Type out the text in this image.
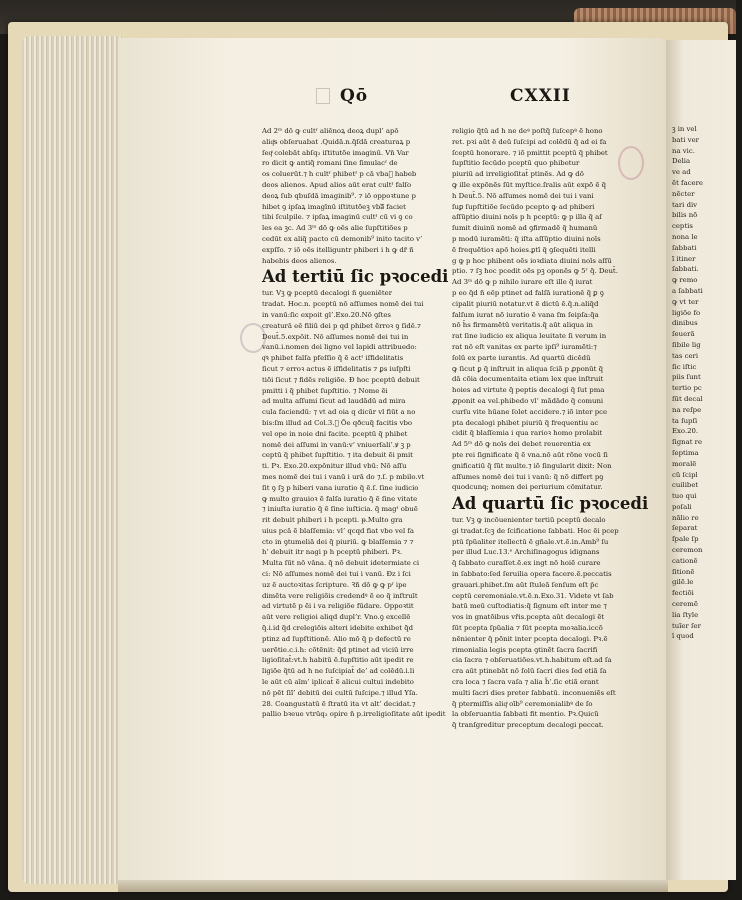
ꝫ in vel
bati ver
na vic.
Delia
ve ad
ẽt facere
nẽcter
tari div
bilis nõ
ceptis
nona le
ſabbati
ĩ itiner
ſabbati.
ꝙ remo
a ſabbati
ꝙ vt ter
ligiõe fo
dinibus
ſeuerã
ſibile lig
tas ceri
ſic iſtic
piis ſunt
tertio pc
ſūt decal
na reſpe
ta ſupſi
Exo.20.
ſignat re
ſeptima
moralẽ
cũ ſcipl
cuilibet
tuo qui
poſali
nãlio re
ſeparat
ſpale ſp
ceremon
cationẽ
ſitionẽ
gilẽ.le
fectiõi
ceremẽ
lia ſtyle
tuĩer ſer
ī quod
Qō	CXXII
Ad 2ᵐ dō ꝙ cultˀ aliēnoꝝ deoꝝ dupl’ apō
aliqͦs obſeruabat .Quidā.n.q̃ſdā creaturaꝝ p
ſeqͦ colebāt abſq₃ iſtitutõe imaginū. Vn̄ Var
ro dicit ꝙ antiq̃ romani ſine ſimulacˀ de
os coluerūt.⁊ h cultˀ phibetˀ p cā vbaᷓ habeb
deos alienos. Apud alios aūt erat cultˀ falſo
deoꝝ ſub qbuſdā imaginib⁹. ⁊ iō oppoꝛtune p
hibet ꝯ ipſaꝝ imagīnū iſtitutõeꝫ vbaᷓ faciet
tibi ſculpile. ⁊ ipſaꝝ imaginū cultˀ cū vi ꝯ co
les ea ꝫc. Ad 3ᵐ dō ꝙ oēs alie ſupſtitiões p
cedūt ex aliq̃ pacto cū demonib⁹ inito tacito v’
expſſo. ⁊ iō oēs itelliguntr phiberi i h ꝙ dr̄ ñ
habebis deos alienos.
Ad tertiū ſic pꝛocedi
tur. Vꝫ ꝙ pceptū decalogi ñ ꝯueniēter
tradat. Hoc.n. pceptū nō aſſumes nomē dei tui
in vanū:ſic expoit gl’.Exo.20.Nō ꝯſtes
creaturā eē filiū dei p qd phibet ẽrroꝛ ꝯ ſidē.⁊
Deut̄.5.expōit. Nō aſſumes nomē dei tui in
vanū.i.nomen dei ligno vel lapidi attribuedo:
qͦꝛ phibet falſa pfeſſio q̃ ẽ actˀ iſfidelitatis
ſicut ⁊ erroꝛ actus ẽ iſfidelitatis ⁊ ꝑs iuſpſti
tiõi ſicut ⁊ fidẽs religiõe. Ɖ hoc pceptū debuit
pmitti i q̃ phibet ſupſtitio. ⁊ Nome ẽi
ad multa aſſumi ſicut ad laudãdū ad mira
cula faciendū: ⁊ vt ad oia q dicūr vl fiūt a no
bis:ſm illud ad Col.3.ᷓ Ōe qðcuq̃ facitis vbo
vel ope in noie dni facite. pceptū q̃ phibet
nomē dei aſſumi in vanū:v’ vniuerſali’.ꝟ ꝫ p
ceptū q̃ phibet ſupſtitio. ⁊ ita debuit ẽi pmit
ti. Pꝛ. Exo.20.expōnitur illud vbū: Nō aſſu
mes nomē dei tui i vanū i urā do ⁊.ſ. p mbilo.vt
ſit ꝯ ſꝫ p hiberi vana iuratio q̃ ẽ.ſ. ſine iudicio
ꝙ multo grauioꝛ ẽ falſa iuratio q̃ ẽ ſine vitate
⁊ iniuſta iuratio q̃ ẽ ſine iuſticia. q̃ magˀ obuē
rit debuit phiberi i h pcepti. ᵽ.Multo gra
uius pcā ẽ blaſſemia: vl’ qcqd fiat vbo vel fa
cto in ꝯtumeliā dei q̃ piuriū. ꝙ blaſſemia ⁊ ⁊
h’ debuit itr nagi p h pceptū phiberi. Pꝛ.
Multa ſūt nō vāna. q̃ nō debuit idetermiate ci
ci: Nō aſſumes nomē dei tui i vanū. Ɖz i ſci
uz ẽ auctoꝛitas ſcripture. Ꝛñ dō ꝙ ꝙ pˀ ipe
dimẽta vere religiõis credendꝰ ẽ eo q̃ inſtruīt
ad virtutẽ p ẽi i va religiõe fūdare. Oppoꝛtit
aūt vere religioi aliqd dupl’r. Vno.ꝯ excellē
q̃.i.id q̃d crelegiõis alteri idebite exhibet q̃d
ptinz ad ſupſtitionē. Alio mō q̃ p defectū re
uerẽtie.c.i.h: cõtẽnit: q̃d ptinet ad viciū irre
ligioſitat̄:vt.h habitū ẽ.ſupſtitio aūt ipedit re
ligiõe q̃tū ad h ne ſuſcipiat̄ de’ ad colēdū.i.li
le aūt cū aīm’ iplicat̄ ẽ alicui cultui indebito
nō pẽt ſiĩ’ debitū dei cultū ſuſcipe.⁊ illud Yſa.
28. Coangustatū ẽ ſtratū ita vt alt’ decidat.⁊
pallio bꝛeue vtrūq₃ opire n̄ p.irreligioſitate aūt ipedit
religio q̃tū ad h ne deꝰ poſtq̃ ſuſcepꝰ ẽ hono
ret. pꝛi aūt ẽ deū ſuſcipi ad colēdū q̃ ad ei fa
ſceptū honorare. ⁊ iõ pmittit pceptū q̃ phibet
ſupſtitio ſecūdo pceptū quo phibetur
piuriū ad irreligioſitat̄ ptinẽs. Ad ꝙ dō
ꝙ ille expõnẽs ſūt myſtice.ſralis aūt expõ ẽ q̃
h Deut̄.5. Nō aſſumes nomē dei tui i vani
ſuꝑ ſupſtitiõe ſecūdo pcepto ꝙ ad phiberi
aſſūptio diuini noīs p h pceptū: ꝙ p illa q̃ aſ
ſumit diuinū nomē ad ꝯfirmadẽ q̃ humanū
p modū iuramẽti: q̃ iſta aſſūptio diuini noīs
ẽ frequẽtioꝛ apō hoies.ꝑtī q̃ ꝯſequẽti itelli
g ꝙ p hoc phibent oẽs ioꝛdiata diuini noīs aſſū
ptio. ⁊ ſꝫ hoc pcedit oẽs pꝫ oponẽs ꝙ 5ʳ q̃. Deut̄.
Ad 3ᵐ dō ꝙ p nihilo iurare eſt ille q̃ iurat
p eo q̃d ñ eēp ptinet ad falſā iurationē q̃ ꝑ ꝯ
cipalit piuriū notatur.vt ẽ dictū ẽ.q̃.n.aliq̃d
falſum iurat nõ iuratio ẽ vana ſm ſeipſa:q̃a
nō h̄s firmamẽtū veritatis.q̃ aūt aliqua in
rat ſine iudicio ex aliqua leuitate ſi verum in
rat nō eſt vanitas ex parte ipſi⁹ iuramẽti:⁊
ſolū ex parte iurantis. Ad quartū dicēdū
ꝙ ſicut ꝑ q̃ inſtruit in aliqua ſciã p ꝓponūt q̃
dā cõia documentaita etiam lex que inſtruit
hoies ad virtute q̃ peptis decalogi q̃ ſut pma
ꝓponit ea vel.phibedo vl’ mãdādo q̃ comuni
curſu vite hūane ſolet accidere.⁊ iõ inter pce
pta decalogi phibet piuriū q̃ frequentiu ac
cidit q̃ blaſſemia i qua rarioꝛ homo prolabit
Ad 5ᵐ dō ꝙ noīs dei debet reuerentia ex
pte rei ſignificate q̃ ẽ vna.nō aūt rõne vocū ſi
gnificatiū q̃ ſũt multe.⁊ iõ ſingularit dixit: Non
aſſumes nomē dei tui i vanū: q̃ nõ differt pꝯ
quodcunq; nomen dei periurium cōmitatur.
Ad quartū ſic pꝛocedi
tur. Vꝫ ꝙ incõuenienter tertiū pceptū decalo
gi tradat.ſcꝫ de ſcificatione ſabbati. Hoc ẽi pcep
ptū ſpũaliter itellectū ẽ gñale.vt.ẽ.in.Amb⁹ ſu
per illud Luc.13.ᵉ Archiſinagogus idignans
q̃ ſabbato curaſſet.ẽ.ex ingt nō hoiẽ curare
in ſabbato:ſed ſeruilia opera facere.ẽ.peccatis
grauari.phibet.ſm aūt ſtuleã ſenſum eſt p̄c
ceptū ceremoniale.vt.ẽ.n.Exo.31. Videte vt ſab
batū meū cuſtodiatis:q̃ ſignum eſt inter me ⁊
vos in gnatõibus vr̄is.pcepta aūt decalogi ẽt
ſūt pcepta ſpũalia ⁊ ſūt pcepta moꝛalia.iccõ
nẽnienter q̃ põnit inter pcepta decalogi. Pꝛ.ẽ
rimonialia legis pcepta ꝯtinẽt ſacra ſacrifi
cia ſacra ⁊ obſeruatiões.vt.h.habitum eſt.ad ſa
cra aūt ptinebãt nō ſolū ſacri dies ſed etiã ſa
cra loca ⁊ ſacra vaſa ⁊ alia h̃’.ſic etiã erant
multi ſacri dies preter ſabbatū. inconueniẽs eſt
q̃ ptermiſſis aliqͦ oīb⁹ ceremonialibꝰ de ſo
la obſeruantia ſabbati fit mentio. Pꝛ.Quicũ
q̃ tranſgreditur preceptum decalogi peccat.
